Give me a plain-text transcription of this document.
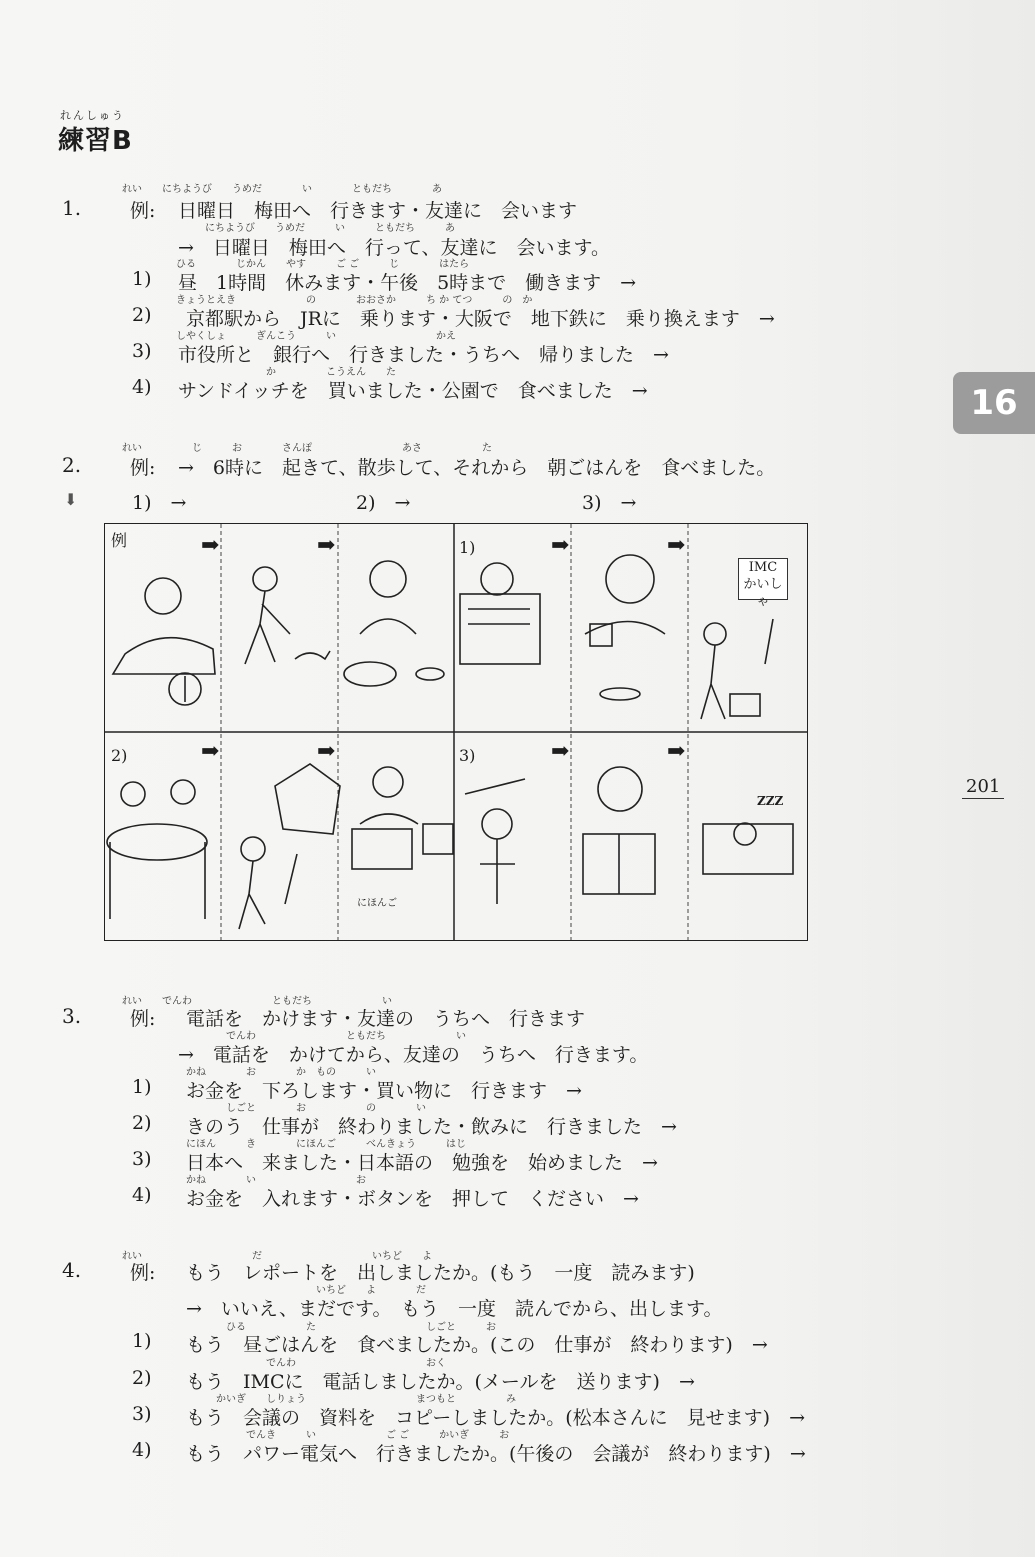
れんしゅう
練習B
16
201
れい　　にちようび　　うめだ　　　　い　　　　ともだち　　　　あ
1.	例: 日曜日　梅田へ　行きます・友達に　会います
にちようび　　うめだ　　　い　　　ともだち　　　あ
→　日曜日　梅田へ　行って、友達に　会います。
ひる　　　　じかん　　やす　　　ご ご　　　じ　　　　はたら
1) 昼　1時間　休みます・午後　5時まで　働きます　→
きょうとえき　　　　　　　の　　　　おおさか　　　ち か てつ　　　の　か
2) 京都駅から　JRに　乗ります・大阪で　地下鉄に　乗り換えます　→
しやくしょ　　　ぎんこう　　　い　　　　　　　　　　かえ
3) 市役所と　銀行へ　行きました・うちへ　帰りました　→
　　　　　　　　　か　　　　　こうえん　　た
4) サンドイッチを　買いました・公園で　食べました　→
れい　　　　　じ　　　お　　　　さんぽ　　　　　　　　　あさ　　　　　　た
2.	例: →　6時に　起きて、散歩して、それから　朝ごはんを　食べました。
⬇	1)　→	2)　→	3)　→
例	1)
2)	3)
➡	➡	➡	➡
➡	➡	➡	➡
IMC
かいしゃ
にほんご
ZZZ
れい　　でんわ　　　　　　　　ともだち　　　　　　　い
3.	例: 電話を　かけます・友達の　うちへ　行きます
でんわ　　　　　　　　　ともだち　　　　　　　い
→　電話を　かけてから、友達の　うちへ　行きます。
かね　　　　お　　　　か　もの　　　い
1) お金を　下ろします・買い物に　行きます　→
　　　　しごと　　　　お　　　　　　の　　　　い
2) きのう　仕事が　終わりました・飲みに　行きました　→
にほん　　　き　　　　にほんご　　　べんきょう　　　はじ
3) 日本へ　来ました・日本語の　勉強を　始めました　→
かね　　　　い　　　　　　　　　　お
4) お金を　入れます・ボタンを　押して　ください　→
れい　　　　　　　　　　　だ　　　　　　　　　　　いちど　　よ
4.	例: もう　レポートを　出しましたか。(もう　一度　読みます)
　　　　　　　　　　　　　いちど　　よ　　　　だ
→　いいえ、まだです。　もう　一度　読んでから、出します。
　　　　ひる　　　　　　た　　　　　　　　　　　しごと　　　お
1) もう　昼ごはんを　食べましたか。(この　仕事が　終わります)　→
　　　　　　　　でんわ　　　　　　　　　　　　　おく
2) もう　IMCに　電話しましたか。(メールを　送ります)　→
　　　かいぎ　　しりょう　　　　　　　　　　　まつもと　　　　　み
3) もう　会議の　資料を　コピーしましたか。(松本さんに　見せます)　→
　　　　　　でんき　　　い　　　　　　　ご ご　　　かいぎ　　　お
4) もう　パワー電気へ　行きましたか。(午後の　会議が　終わります)　→
